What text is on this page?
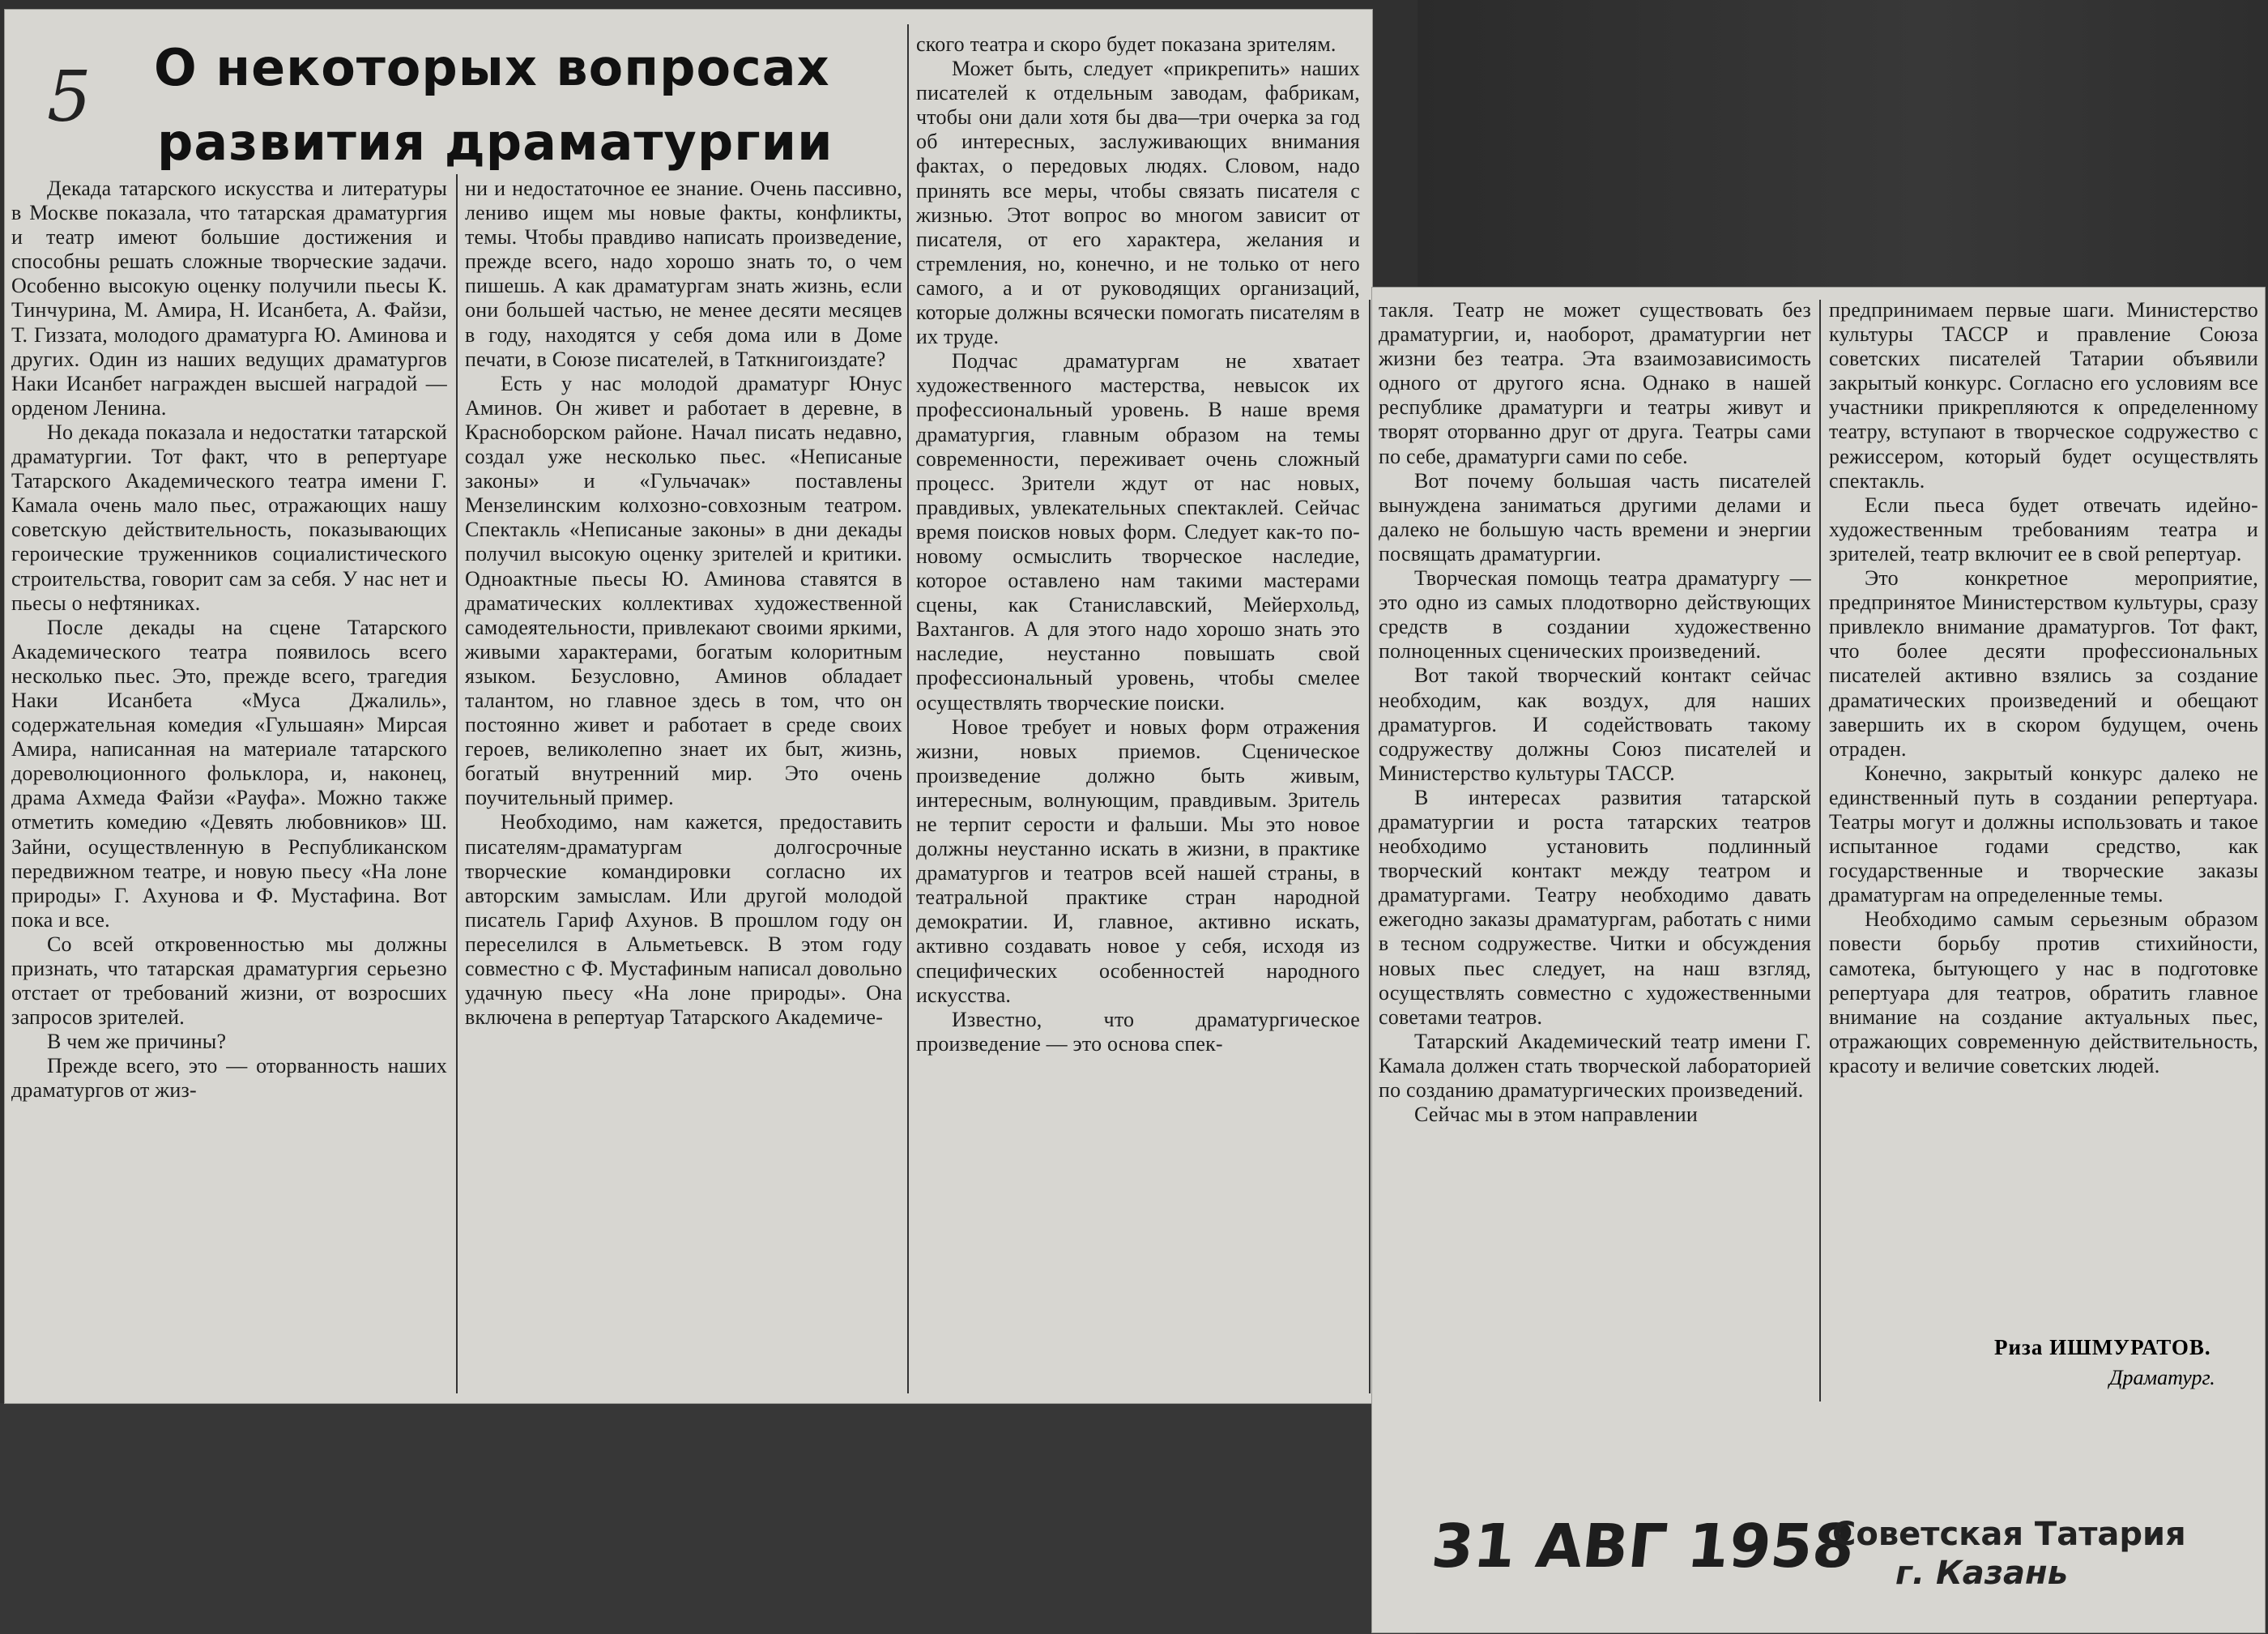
5 О некоторых вопросах
развития драматургии

Декада татарского искусства и литературы в Москве показала, что татарская драматургия и театр имеют большие достижения и способны решать сложные творческие задачи. Особенно высокую оценку получили пьесы К. Тинчурина, М. Амира, Н. Исанбета, А. Файзи, Т. Гиззата, молодого драматурга Ю. Аминова и других. Один из наших ведущих драматургов Наки Исанбет награжден высшей наградой — орденом Ленина.

Но декада показала и недостатки татарской драматургии. Тот факт, что в репертуаре Татарского Академического театра имени Г. Камала очень мало пьес, отражающих нашу советскую действительность, показывающих героические труженников социалистического строительства, говорит сам за себя. У нас нет и пьесы о нефтяниках.

После декады на сцене Татарского Академического театра появилось всего несколько пьес. Это, прежде всего, трагедия Наки Исанбета «Муса Джалиль», содержательная комедия «Гульшаян» Мирсая Амира, написанная на материале татарского дореволюционного фольклора, и, наконец, драма Ахмеда Файзи «Рауфа». Можно также отметить комедию «Девять любовников» Ш. Зайни, осуществленную в Республиканском передвижном театре, и новую пьесу «На лоне природы» Г. Ахунова и Ф. Мустафина. Вот пока и все.

Со всей откровенностью мы должны признать, что татарская драматургия серьезно отстает от требований жизни, от возросших запросов зрителей.

В чем же причины?

Прежде всего, это — оторванность наших драматургов от жиз-

ни и недостаточное ее знание. Очень пассивно, лениво ищем мы новые факты, конфликты, темы. Чтобы правдиво написать произведение, прежде всего, надо хорошо знать то, о чем пишешь. А как драматургам знать жизнь, если они большей частью, не менее десяти месяцев в году, находятся у себя дома или в Доме печати, в Союзе писателей, в Таткнигоиздате?

Есть у нас молодой драматург Юнус Аминов. Он живет и работает в деревне, в Красноборском районе. Начал писать недавно, создал уже несколько пьес. «Неписаные законы» и «Гульчачак» поставлены Мензелинским колхозно-совхозным театром. Спектакль «Неписаные законы» в дни декады получил высокую оценку зрителей и критики. Одноактные пьесы Ю. Аминова ставятся в драматических коллективах художественной самодеятельности, привлекают своими яркими, живыми характерами, богатым колоритным языком. Безусловно, Аминов обладает талантом, но главное здесь в том, что он постоянно живет и работает в среде своих героев, великолепно знает их быт, жизнь, богатый внутренний мир. Это очень поучительный пример.

Необходимо, нам кажется, предоставить писателям-драматургам долгосрочные творческие командировки согласно их авторским замыслам. Или другой молодой писатель Гариф Ахунов. В прошлом году он переселился в Альметьевск. В этом году совместно с Ф. Мустафиным написал довольно удачную пьесу «На лоне природы». Она включена в репертуар Татарского Академиче-

ского театра и скоро будет показана зрителям.

Может быть, следует «прикрепить» наших писателей к отдельным заводам, фабрикам, чтобы они дали хотя бы два—три очерка за год об интересных, заслуживающих внимания фактах, о передовых людях. Словом, надо принять все меры, чтобы связать писателя с жизнью. Этот вопрос во многом зависит от писателя, от его характера, желания и стремления, но, конечно, и не только от него самого, а и от руководящих организаций, которые должны всячески помогать писателям в их труде.

Подчас драматургам не хватает художественного мастерства, невысок их профессиональный уровень. В наше время драматургия, главным образом на темы современности, переживает очень сложный процесс. Зрители ждут от нас новых, правдивых, увлекательных спектаклей. Сейчас время поисков новых форм. Следует как-то по-новому осмыслить творческое наследие, которое оставлено нам такими мастерами сцены, как Станиславский, Мейерхольд, Вахтангов. А для этого надо хорошо знать это наследие, неустанно повышать свой профессиональный уровень, чтобы смелее осуществлять творческие поиски.

Новое требует и новых форм отражения жизни, новых приемов. Сценическое произведение должно быть живым, интересным, волнующим, правдивым. Зритель не терпит серости и фальши. Мы это новое должны неустанно искать в жизни, в практике драматургов и театров всей нашей страны, в театральной практике стран народной демократии. И, главное, активно искать, активно создавать новое у себя, исходя из специфических особенностей народного искусства.

Известно, что драматургическое произведение — это основа спек-

такля. Театр не может существовать без драматургии, и, наоборот, драматургии нет жизни без театра. Эта взаимозависимость одного от другого ясна. Однако в нашей республике драматурги и театры живут и творят оторванно друг от друга. Театры сами по себе, драматурги сами по себе.

Вот почему большая часть писателей вынуждена заниматься другими делами и далеко не большую часть времени и энергии посвящать драматургии.

Творческая помощь театра драматургу — это одно из самых плодотворно действующих средств в создании художественно полноценных сценических произведений.

Вот такой творческий контакт сейчас необходим, как воздух, для наших драматургов. И содействовать такому содружеству должны Союз писателей и Министерство культуры ТАССР.

В интересах развития татарской драматургии и роста татарских театров необходимо установить подлинный творческий контакт между театром и драматургами. Театру необходимо давать ежегодно заказы драматургам, работать с ними в тесном содружестве. Читки и обсуждения новых пьес следует, на наш взгляд, осуществлять совместно с художественными советами театров.

Татарский Академический театр имени Г. Камала должен стать творческой лабораторией по созданию драматургических произведений.

Сейчас мы в этом направлении

предпринимаем первые шаги. Министерство культуры ТАССР и правление Союза советских писателей Татарии объявили закрытый конкурс. Согласно его условиям все участники прикрепляются к определенному театру, вступают в творческое содружество с режиссером, который будет осуществлять спектакль.

Если пьеса будет отвечать идейно-художественным требованиям театра и зрителей, театр включит ее в свой репертуар.

Это конкретное мероприятие, предпринятое Министерством культуры, сразу привлекло внимание драматургов. Тот факт, что более десяти профессиональных писателей активно взялись за создание драматических произведений и обещают завершить их в скором будущем, очень отраден.

Конечно, закрытый конкурс далеко не единственный путь в создании репертуара. Театры могут и должны использовать и такое испытанное годами средство, как государственные и творческие заказы драматургам на определенные темы.

Необходимо самым серьезным образом повести борьбу против стихийности, самотека, бытующего у нас в подготовке репертуара для театров, обратить главное внимание на создание актуальных пьес, отражающих современную действительность, красоту и величие советских людей.

Риза ИШМУРАТОВ.
Драматург.
31 АВГ 1958
Советская Татария
г. Казань
